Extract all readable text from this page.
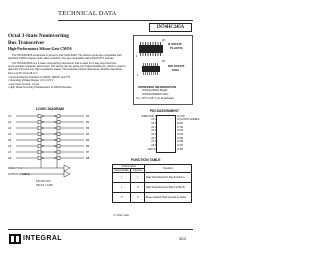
TECHNICAL DATA
IN74HC245A
Octal 3-State Noninverting
Bus Transceiver
High-Performance Silicon-Gate CMOS

The IN74HC245A is identical in pinout to the LS/ALS245. The device inputs are compatible with standard CMOS outputs; with pullup resistors, they are compatible with LS/ALS/TTL outputs.

The IN74HC245A is a 3-state noninverting transceiver that is used for 2-way asynchronous communication between data buses. The device has an active-low Output Enable pin, which is used to place the I/O ports into high-impedance states. The Direction control determines whether data flows from A to B or from B to A.

• Outputs Directly Interface to CMOS, NMOS, and TTL
• Operating Voltage Range: 2.0 to 6.0 V
• Low Input Current: 1.0 µA
• High Noise Immunity Characteristic of CMOS Devices
20
1
N SUFFIX
PLASTIC
20
1
DW SUFFIX
SOIC
ORDERING INFORMATION
IN74HC245AN Plastic
IN74HC245ADW SOIC
TA = -55° to 125° C for all packages
LOGIC DIAGRAM
A1
A2
A3
A4
A5
A6
A7
A8
B1
B2
B3
B4
B5
B6
B7
B8
DIRECTION
OUTPUT ENABLE
PIN 20=VCC
PIN 10 = GND
PIN ASSIGNMENT
DIRECTION 1
A1 2
A2 3
A3 4
A4 5
A5 6
A6 7
A7 8
A8 9
GND 10
20 VCC
19 OUTPUT ENABLE
18 B1
17 B2
16 B3
15 B4
14 B5
13 B6
12 B7
11 B8
FUNCTION TABLE
Control Inputs		Operation
Output Enable	Direction	
L	L	Data Transmitted from Bus B to Bus A
L	H	Data Transmitted from Bus A to Bus B
H	X	Buses Isolated (High-Impedance State)
X = don't care
INTEGRAL	303
